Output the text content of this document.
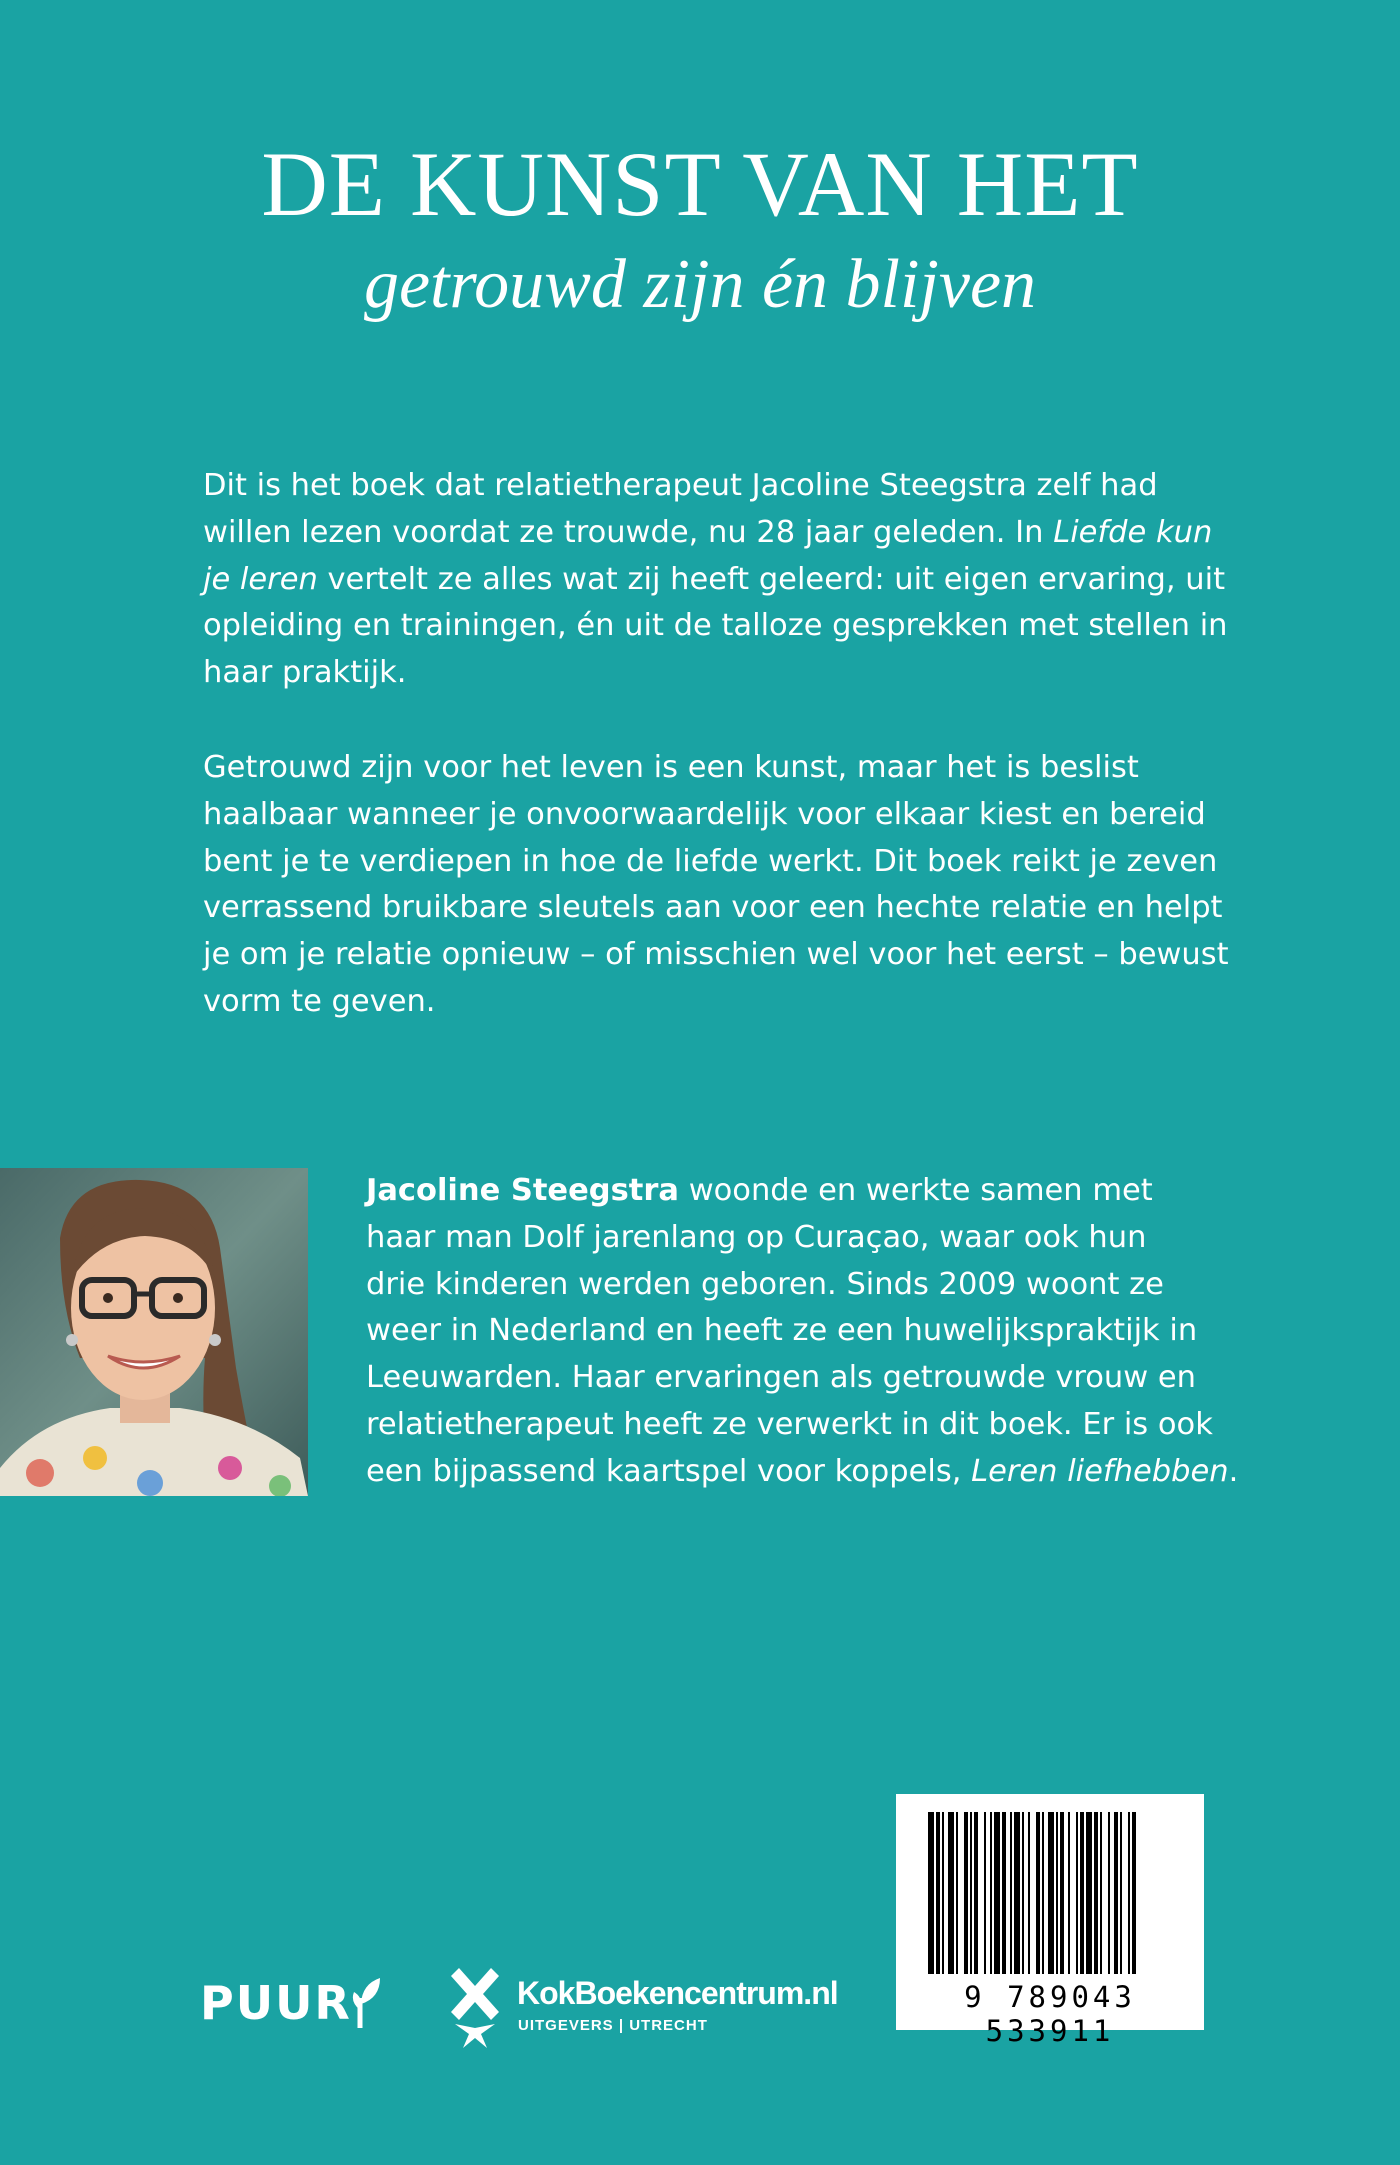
DE KUNST VAN HET
getrouwd zijn én blijven

Dit is het boek dat relatietherapeut Jacoline Steegstra zelf had
willen lezen voordat ze trouwde, nu 28 jaar geleden. In Liefde kun
je leren vertelt ze alles wat zij heeft geleerd: uit eigen ervaring, uit
opleiding en trainingen, én uit de talloze gesprekken met stellen in
haar praktijk.

Getrouwd zijn voor het leven is een kunst, maar het is beslist
haalbaar wanneer je onvoorwaardelijk voor elkaar kiest en bereid
bent je te verdiepen in hoe de liefde werkt. Dit boek reikt je zeven
verrassend bruikbare sleutels aan voor een hechte relatie en helpt
je om je relatie opnieuw – of misschien wel voor het eerst – bewust
vorm te geven.

Jacoline Steegstra woonde en werkte samen met
haar man Dolf jarenlang op Curaçao, waar ook hun
drie kinderen werden geboren. Sinds 2009 woont ze
weer in Nederland en heeft ze een huwelijkspraktijk in
Leeuwarden. Haar ervaringen als getrouwde vrouw en
relatietherapeut heeft ze verwerkt in dit boek. Er is ook
een bijpassend kaartspel voor koppels, Leren liefhebben.

9 789043 533911
PUUR	KokBoekencentrum.nl
UITGEVERS | UTRECHT
